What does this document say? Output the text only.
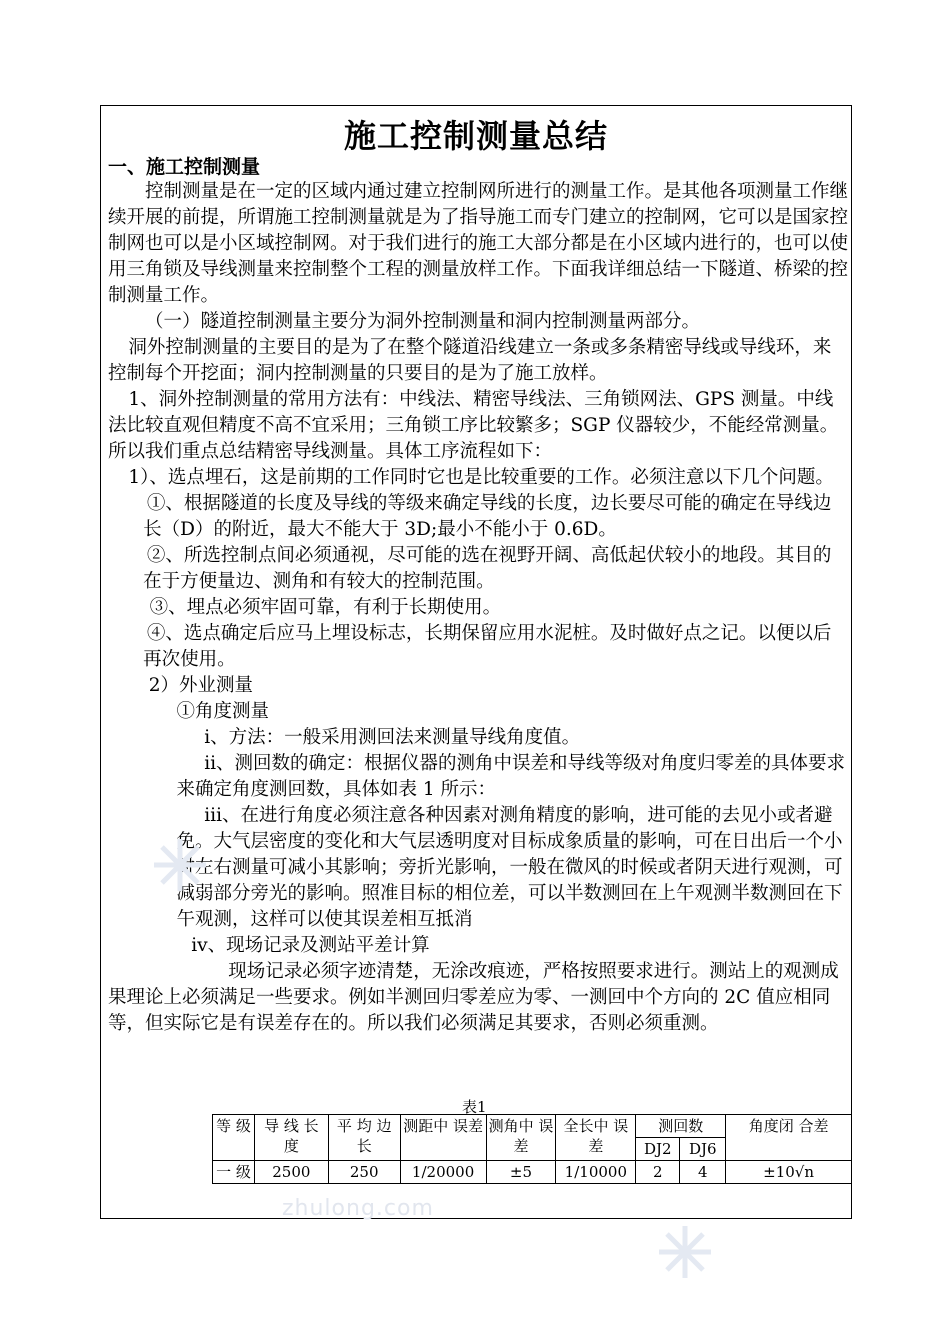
施工控制测量总结
一、施工控制测量

控制测量是在一定的区域内通过建立控制网所进行的测量工作。是其他各项测量工作继续开展的前提，所谓施工控制测量就是为了指导施工而专门建立的控制网，它可以是国家控制网也可以是小区域控制网。对于我们进行的施工大部分都是在小区域内进行的，也可以使用三角锁及导线测量来控制整个工程的测量放样工作。下面我详细总结一下隧道、桥梁的控制测量工作。

（一）隧道控制测量主要分为洞外控制测量和洞内控制测量两部分。

洞外控制测量的主要目的是为了在整个隧道沿线建立一条或多条精密导线或导线环，来控制每个开挖面；洞内控制测量的只要目的是为了施工放样。

1、洞外控制测量的常用方法有：中线法、精密导线法、三角锁网法、GPS 测量。中线法比较直观但精度不高不宜采用；三角锁工序比较繁多；SGP 仪器较少，不能经常测量。所以我们重点总结精密导线测量。具体工序流程如下：

1）、选点埋石，这是前期的工作同时它也是比较重要的工作。必须注意以下几个问题。

①、根据隧道的长度及导线的等级来确定导线的长度，边长要尽可能的确定在导线边长（D）的附近，最大不能大于 3D;最小不能小于 0.6D。

②、所选控制点间必须通视，尽可能的选在视野开阔、高低起伏较小的地段。其目的在于方便量边、测角和有较大的控制范围。

③、埋点必须牢固可靠，有利于长期使用。

④、选点确定后应马上埋设标志，长期保留应用水泥桩。及时做好点之记。以便以后再次使用。

2）外业测量

①角度测量

ⅰ、方法：一般采用测回法来测量导线角度值。

ⅱ、测回数的确定：根据仪器的测角中误差和导线等级对角度归零差的具体要求来确定角度测回数，具体如表 1 所示：

ⅲ、在进行角度必须注意各种因素对测角精度的影响，进可能的去见小或者避免。大气层密度的变化和大气层透明度对目标成象质量的影响，可在日出后一个小时左右测量可减小其影响；旁折光影响，一般在微风的时候或者阴天进行观测，可减弱部分旁光的影响。照准目标的相位差，可以半数测回在上午观测半数测回在下午观测，这样可以使其误差相互抵消

ⅳ、现场记录及测站平差计算

现场记录必须字迹清楚，无涂改痕迹，严格按照要求进行。测站上的观测成果理论上必须满足一些要求。例如半测回归零差应为零、一测回中个方向的 2C 值应相同等，但实际它是有误差存在的。所以我们必须满足其要求，否则必须重测。

表1
等 级	导 线 长 度	平 均 边 长	测距中 误差	测角中 误差	全长中 误差	测回数		角度闭 合差
						DJ2	DJ6	
一 级	2500	250	1/20000	±5	1/10000	2	4	±10√n
zhulong.com
